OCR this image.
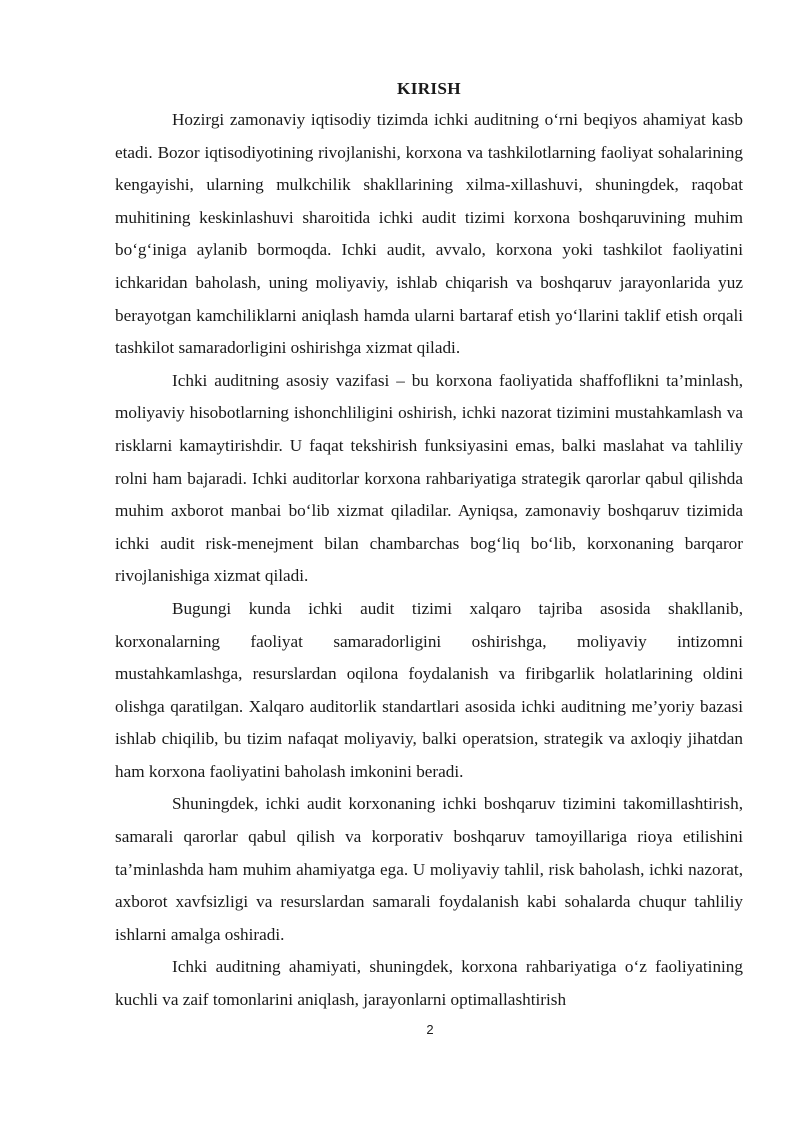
KIRISH

Hozirgi zamonaviy iqtisodiy tizimda ichki auditning o‘rni beqiyos ahamiyat kasb etadi. Bozor iqtisodiyotining rivojlanishi, korxona va tashkilotlarning faoliyat sohalarining kengayishi, ularning mulkchilik shakllarining xilma-xillashuvi, shuningdek, raqobat muhitining keskinlashuvi sharoitida ichki audit tizimi korxona boshqaruvining muhim bo‘g‘iniga aylanib bormoqda. Ichki audit, avvalo, korxona yoki tashkilot faoliyatini ichkaridan baholash, uning moliyaviy, ishlab chiqarish va boshqaruv jarayonlarida yuz berayotgan kamchiliklarni aniqlash hamda ularni bartaraf etish yo‘llarini taklif etish orqali tashkilot samaradorligini oshirishga xizmat qiladi.

Ichki auditning asosiy vazifasi – bu korxona faoliyatida shaffoflikni ta’minlash, moliyaviy hisobotlarning ishonchliligini oshirish, ichki nazorat tizimini mustahkamlash va risklarni kamaytirishdir. U faqat tekshirish funksiyasini emas, balki maslahat va tahliliy rolni ham bajaradi. Ichki auditorlar korxona rahbariyatiga strategik qarorlar qabul qilishda muhim axborot manbai bo‘lib xizmat qiladilar. Ayniqsa, zamonaviy boshqaruv tizimida ichki audit risk-menejment bilan chambarchas bog‘liq bo‘lib, korxonaning barqaror rivojlanishiga xizmat qiladi.

Bugungi kunda ichki audit tizimi xalqaro tajriba asosida shakllanib, korxonalarning faoliyat samaradorligini oshirishga, moliyaviy intizomni mustahkamlashga, resurslardan oqilona foydalanish va firibgarlik holatlarining oldini olishga qaratilgan. Xalqaro auditorlik standartlari asosida ichki auditning me’yoriy bazasi ishlab chiqilib, bu tizim nafaqat moliyaviy, balki operatsion, strategik va axloqiy jihatdan ham korxona faoliyatini baholash imkonini beradi.

Shuningdek, ichki audit korxonaning ichki boshqaruv tizimini takomillashtirish, samarali qarorlar qabul qilish va korporativ boshqaruv tamoyillariga rioya etilishini ta’minlashda ham muhim ahamiyatga ega. U moliyaviy tahlil, risk baholash, ichki nazorat, axborot xavfsizligi va resurslardan samarali foydalanish kabi sohalarda chuqur tahliliy ishlarni amalga oshiradi.

Ichki auditning ahamiyati, shuningdek, korxona rahbariyatiga o‘z faoliyatining kuchli va zaif tomonlarini aniqlash, jarayonlarni optimallashtirish

2
